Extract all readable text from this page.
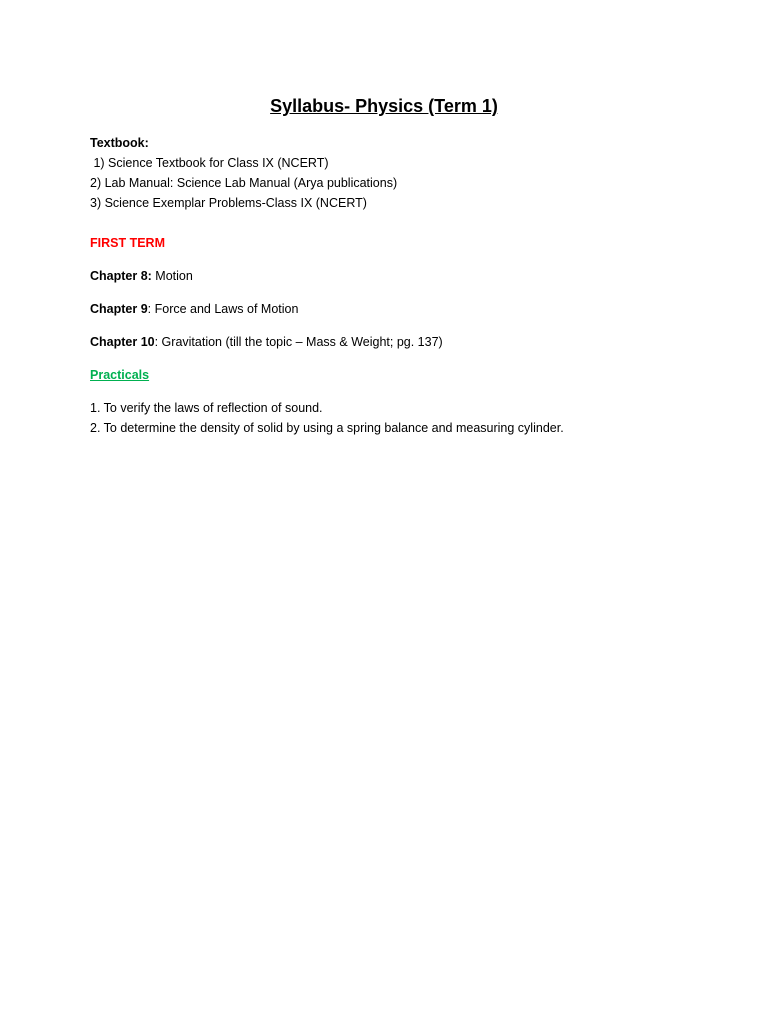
Syllabus- Physics (Term 1)
Textbook:
1) Science Textbook for Class IX (NCERT)
2) Lab Manual: Science Lab Manual (Arya publications)
3) Science Exemplar Problems-Class IX (NCERT)
FIRST TERM
Chapter 8: Motion
Chapter 9: Force and Laws of Motion
Chapter 10: Gravitation (till the topic – Mass & Weight; pg. 137)
Practicals
1. To verify the laws of reflection of sound.
2. To determine the density of solid by using a spring balance and measuring cylinder.
